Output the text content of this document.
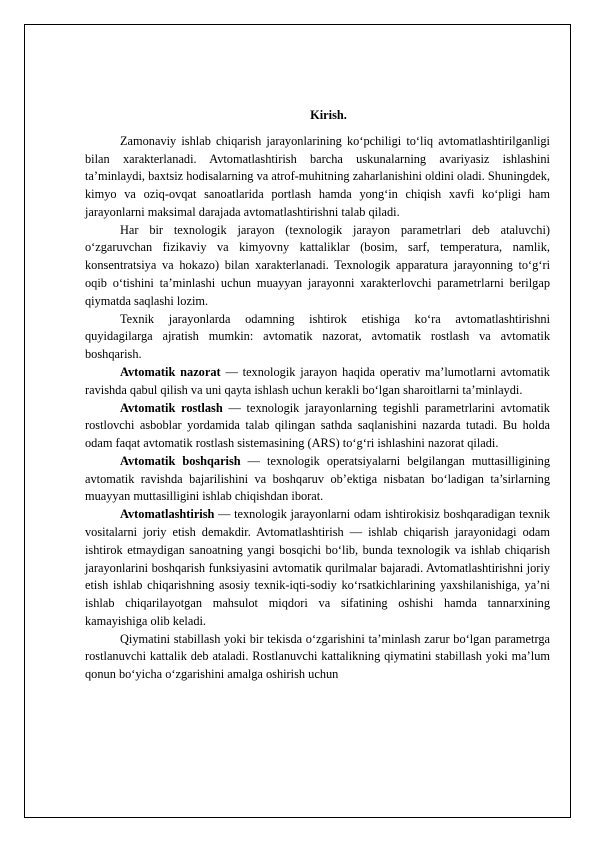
Kirish.

Zamonaviy ishlab chiqarish jarayonlarining ko‘pchiligi to‘liq avtomatlashtirilganligi bilan xarakterlanadi. Avtomatlashtirish barcha uskunalarning avariyasiz ishlashini ta’minlaydi, baxtsiz hodisalarning va atrof-muhitning zaharlanishini oldini oladi. Shuningdek, kimyo va oziq-ovqat sanoatlarida portlash hamda yong‘in chiqish xavfi ko‘pligi ham jarayonlarni maksimal darajada avtomatlashtirishni talab qiladi.

Har bir texnologik jarayon (texnologik jarayon parametrlari deb ataluvchi) o‘zgaruvchan fizikaviy va kimyovny kattaliklar (bosim, sarf, temperatura, namlik, konsentratsiya va hokazo) bilan xarakterlanadi. Texnologik apparatura jarayonning to‘g‘ri oqib o‘tishini ta’minlashi uchun muayyan jarayonni xarakterlovchi parametrlarni berilgap qiymatda saqlashi lozim.

Texnik jarayonlarda odamning ishtirok etishiga ko‘ra avtomatlashtirishni quyidagilarga ajratish mumkin: avtomatik nazorat, avtomatik rostlash va avtomatik boshqarish.

Avtomatik nazorat — texnologik jarayon haqida operativ ma’lumotlarni avtomatik ravishda qabul qilish va uni qayta ishlash uchun kerakli bo‘lgan sharoitlarni ta’minlaydi.

Avtomatik rostlash — texnologik jarayonlarning tegishli parametrlarini avtomatik rostlovchi asboblar yordamida talab qilingan sathda saqlanishini nazarda tutadi. Bu holda odam faqat avtomatik rostlash sistemasining (ARS) to‘g‘ri ishlashini nazorat qiladi.

Avtomatik boshqarish — texnologik operatsiyalarni belgilangan muttasilligining avtomatik ravishda bajarilishini va boshqaruv ob’ektiga nisbatan bo‘ladigan ta’sirlarning muayyan muttasilligini ishlab chiqishdan iborat.

Avtomatlashtirish — texnologik jarayonlarni odam ishtirokisiz boshqaradigan texnik vositalarni joriy etish demakdir. Avtomatlashtirish — ishlab chiqarish jarayonidagi odam ishtirok etmaydigan sanoatning yangi bosqichi bo‘lib, bunda texnologik va ishlab chiqarish jarayonlarini boshqarish funksiyasini avtomatik qurilmalar bajaradi. Avtomatlashtirishni joriy etish ishlab chiqarishning asosiy texnik-iqti-sodiy ko‘rsatkichlarining yaxshilanishiga, ya’ni ishlab chiqarilayotgan mahsulot miqdori va sifatining oshishi hamda tannarxining kamayishiga olib keladi.

Qiymatini stabillash yoki bir tekisda o‘zgarishini ta’minlash zarur bo‘lgan parametrga rostlanuvchi kattalik deb ataladi. Rostlanuvchi kattalikning qiymatini stabillash yoki ma’lum qonun bo‘yicha o‘zgarishini amalga oshirish uchun
